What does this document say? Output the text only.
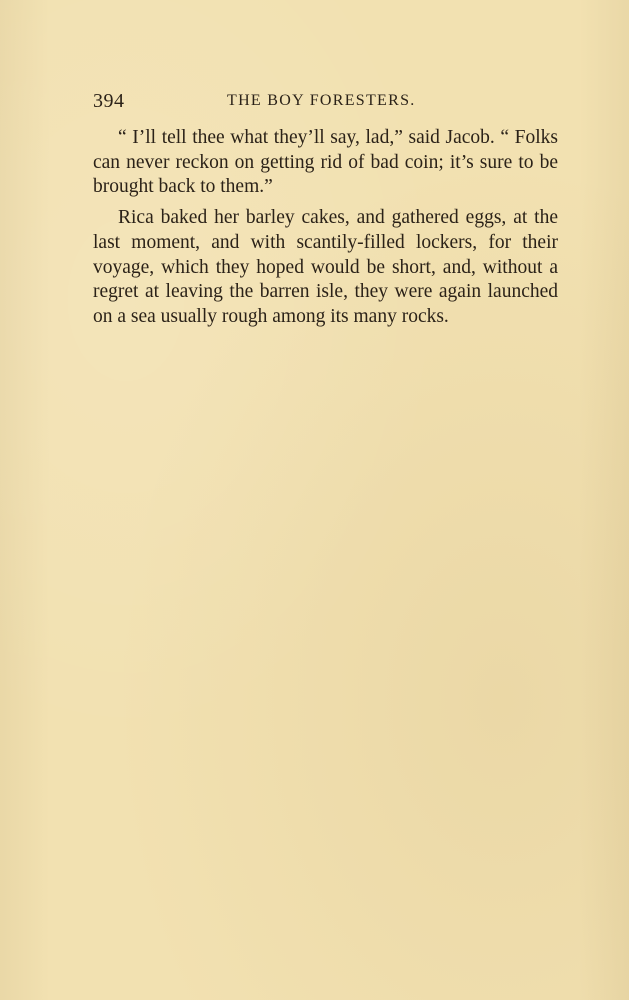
394	THE BOY FORESTERS.

“ I’ll tell thee what they’ll say, lad,” said Jacob. “ Folks can never reckon on getting rid of bad coin; it’s sure to be brought back to them.”

Rica baked her barley cakes, and gathered eggs, at the last moment, and with scantily-filled lockers, for their voyage, which they hoped would be short, and, without a regret at leaving the barren isle, they were again launched on a sea usually rough among its many rocks.
